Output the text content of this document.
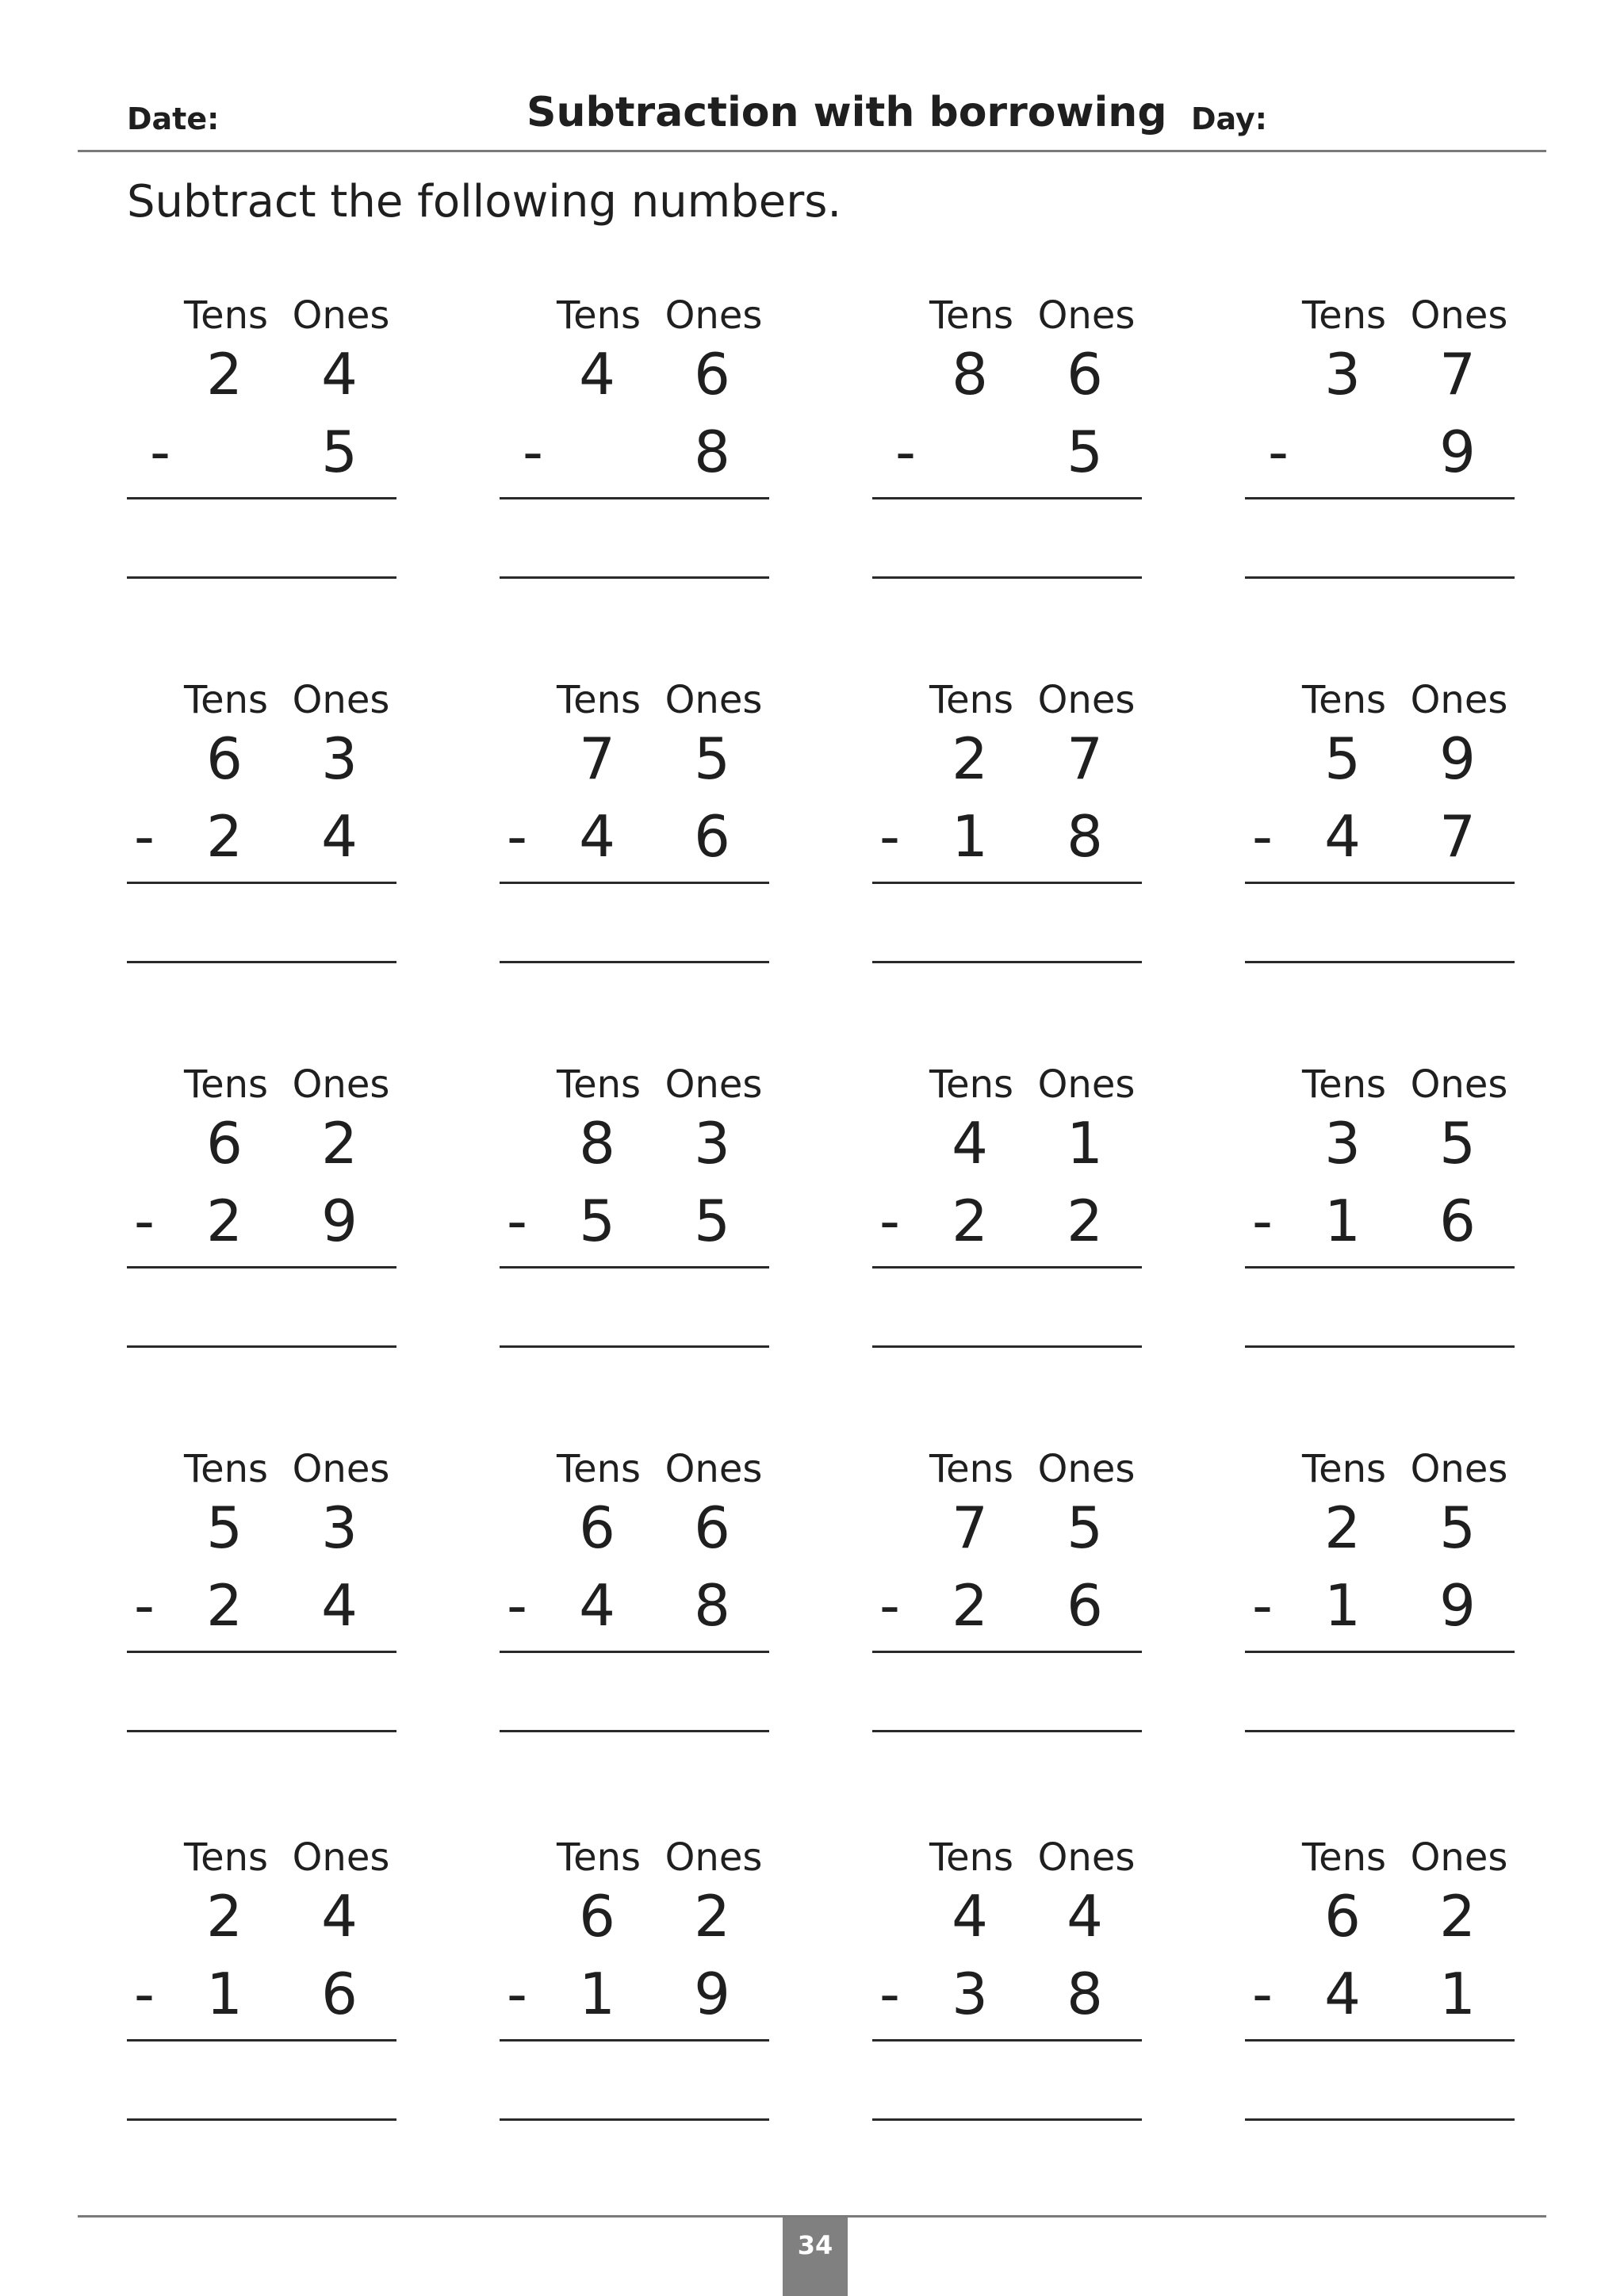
Date:	Subtraction with borrowing Day:
Subtract the following numbers.
Tens Ones
2	4
-	5
Tens Ones
4	6
-	8
Tens Ones
8	6
-	5
Tens Ones
3	7
-	9
Tens Ones
6	3
- 2	4
Tens Ones
7	5
- 4	6
Tens Ones
2	7
- 1	8
Tens Ones
5	9
- 4	7
Tens Ones
6	2
- 2	9
Tens Ones
8	3
- 5	5
Tens Ones
4	1
- 2	2
Tens Ones
3	5
- 1	6
Tens Ones
5	3
- 2	4
Tens Ones
6	6
- 4	8
Tens Ones
7	5
- 2	6
Tens Ones
2	5
- 1	9
Tens Ones
2	4
- 1	6
Tens Ones
6	2
- 1	9
Tens Ones
4	4
- 3	8
Tens Ones
6	2
- 4	1
34
